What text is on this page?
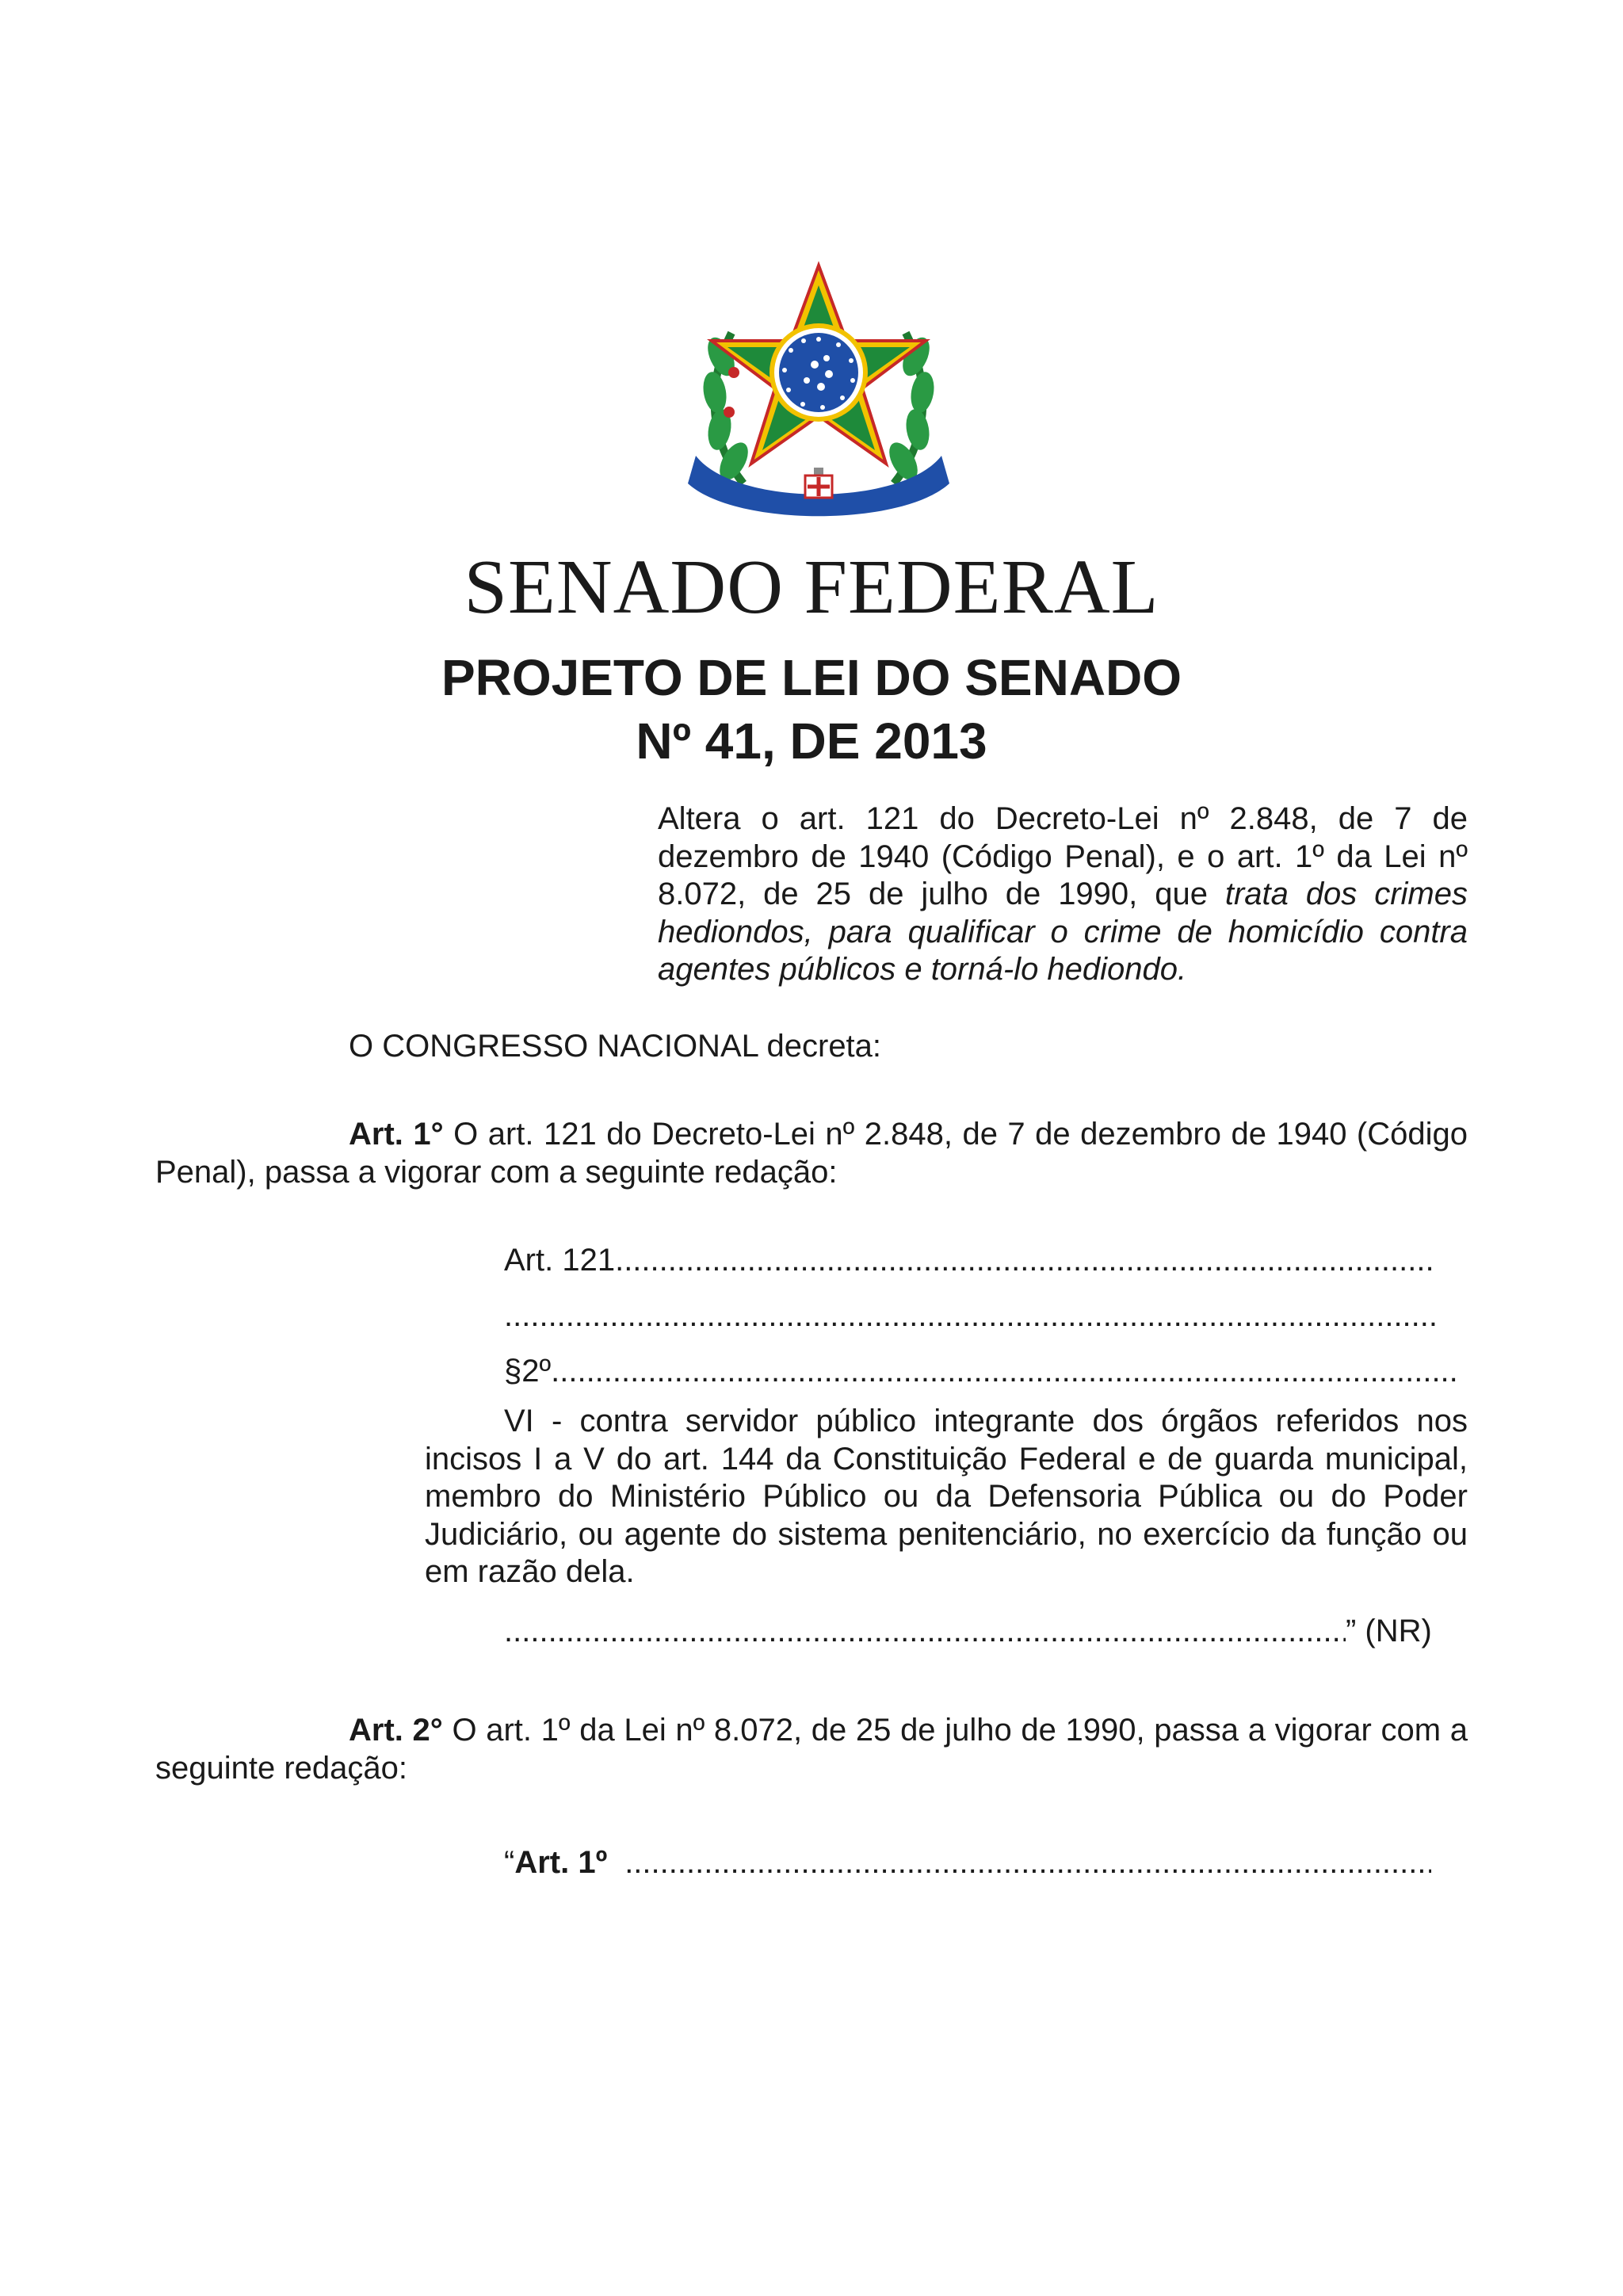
SENADO FEDERAL
PROJETO DE LEI DO SENADO
Nº 41, DE 2013
Altera o art. 121 do Decreto-Lei nº 2.848, de 7 de dezembro de 1940 (Código Penal), e o art. 1º da Lei nº 8.072, de 25 de julho de 1990, que trata dos crimes hediondos, para qualificar o crime de homicídio contra agentes públicos e torná-lo hediondo.
O CONGRESSO NACIONAL decreta:
Art. 1° O art. 121 do Decreto-Lei nº 2.848, de 7 de dezembro de 1940 (Código Penal), passa a vigorar com a seguinte redação:
Art. 121 .....
.....
§2º .....
VI - contra servidor público integrante dos órgãos referidos nos incisos I a V do art. 144 da Constituição Federal e de guarda municipal, membro do Ministério Público ou da Defensoria Pública ou do Poder Judiciário, ou agente do sistema penitenciário, no exercício da função ou em razão dela.
.....” (NR)
Art. 2° O art. 1º da Lei nº 8.072, de 25 de julho de 1990, passa a vigorar com a seguinte redação:
“Art. 1º .....
